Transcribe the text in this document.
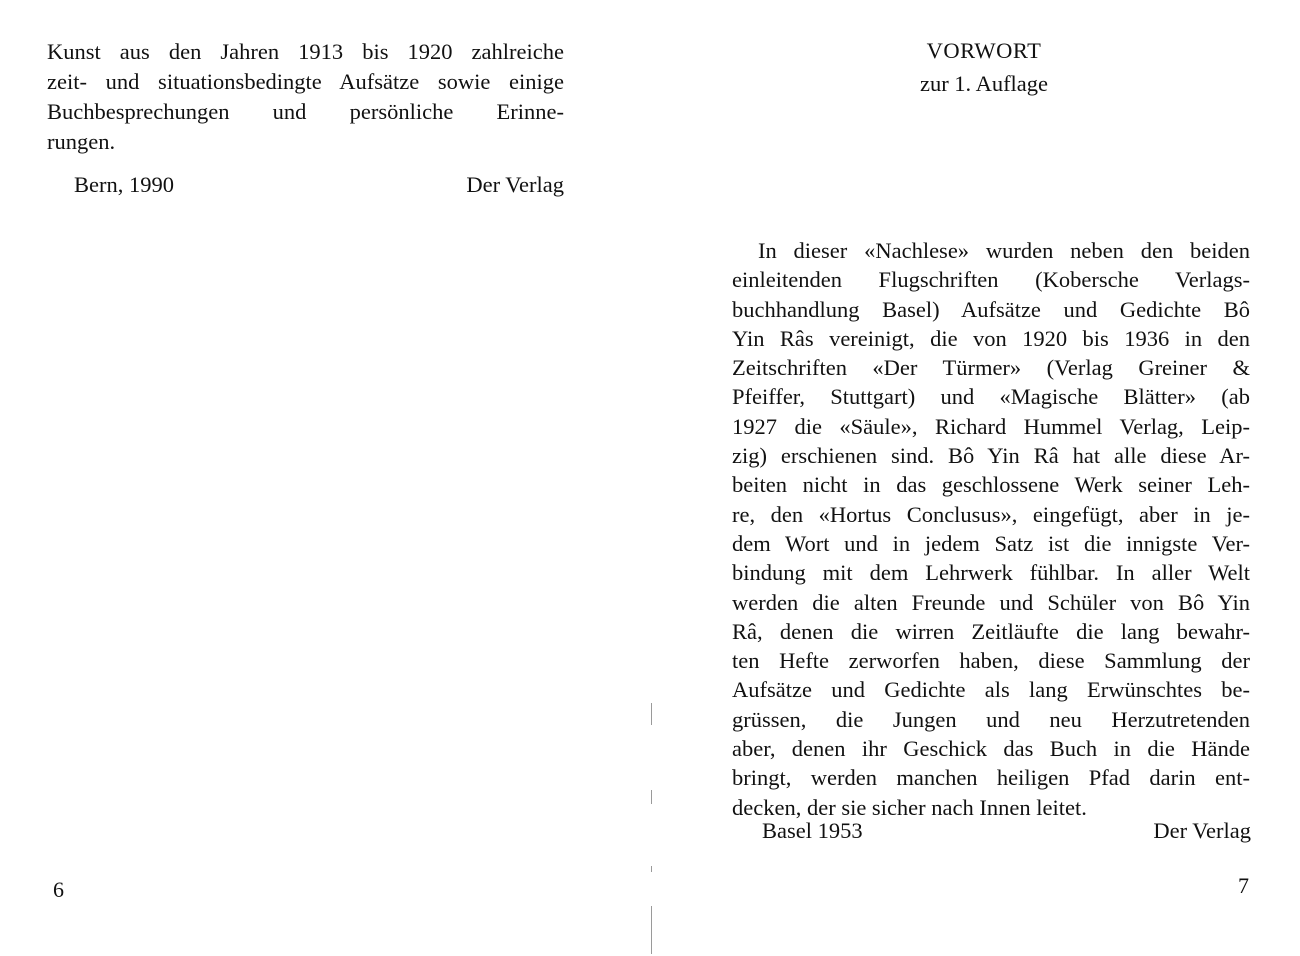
Kunst aus den Jahren 1913 bis 1920 zahlreiche
zeit- und situationsbedingte Aufsätze sowie einige
Buchbesprechungen und persönliche Erinne-
rungen.
Bern, 1990	Der Verlag
6
VORWORT
zur 1. Auflage
In dieser «Nachlese» wurden neben den beiden
einleitenden Flugschriften (Kobersche Verlags-
buchhandlung Basel) Aufsätze und Gedichte Bô
Yin Râs vereinigt, die von 1920 bis 1936 in den
Zeitschriften «Der Türmer» (Verlag Greiner &
Pfeiffer, Stuttgart) und «Magische Blätter» (ab
1927 die «Säule», Richard Hummel Verlag, Leip-
zig) erschienen sind. Bô Yin Râ hat alle diese Ar-
beiten nicht in das geschlossene Werk seiner Leh-
re, den «Hortus Conclusus», eingefügt, aber in je-
dem Wort und in jedem Satz ist die innigste Ver-
bindung mit dem Lehrwerk fühlbar. In aller Welt
werden die alten Freunde und Schüler von Bô Yin
Râ, denen die wirren Zeitläufte die lang bewahr-
ten Hefte zerworfen haben, diese Sammlung der
Aufsätze und Gedichte als lang Erwünschtes be-
grüssen, die Jungen und neu Herzutretenden
aber, denen ihr Geschick das Buch in die Hände
bringt, werden manchen heiligen Pfad darin ent-
decken, der sie sicher nach Innen leitet.
Basel 1953	Der Verlag
7
